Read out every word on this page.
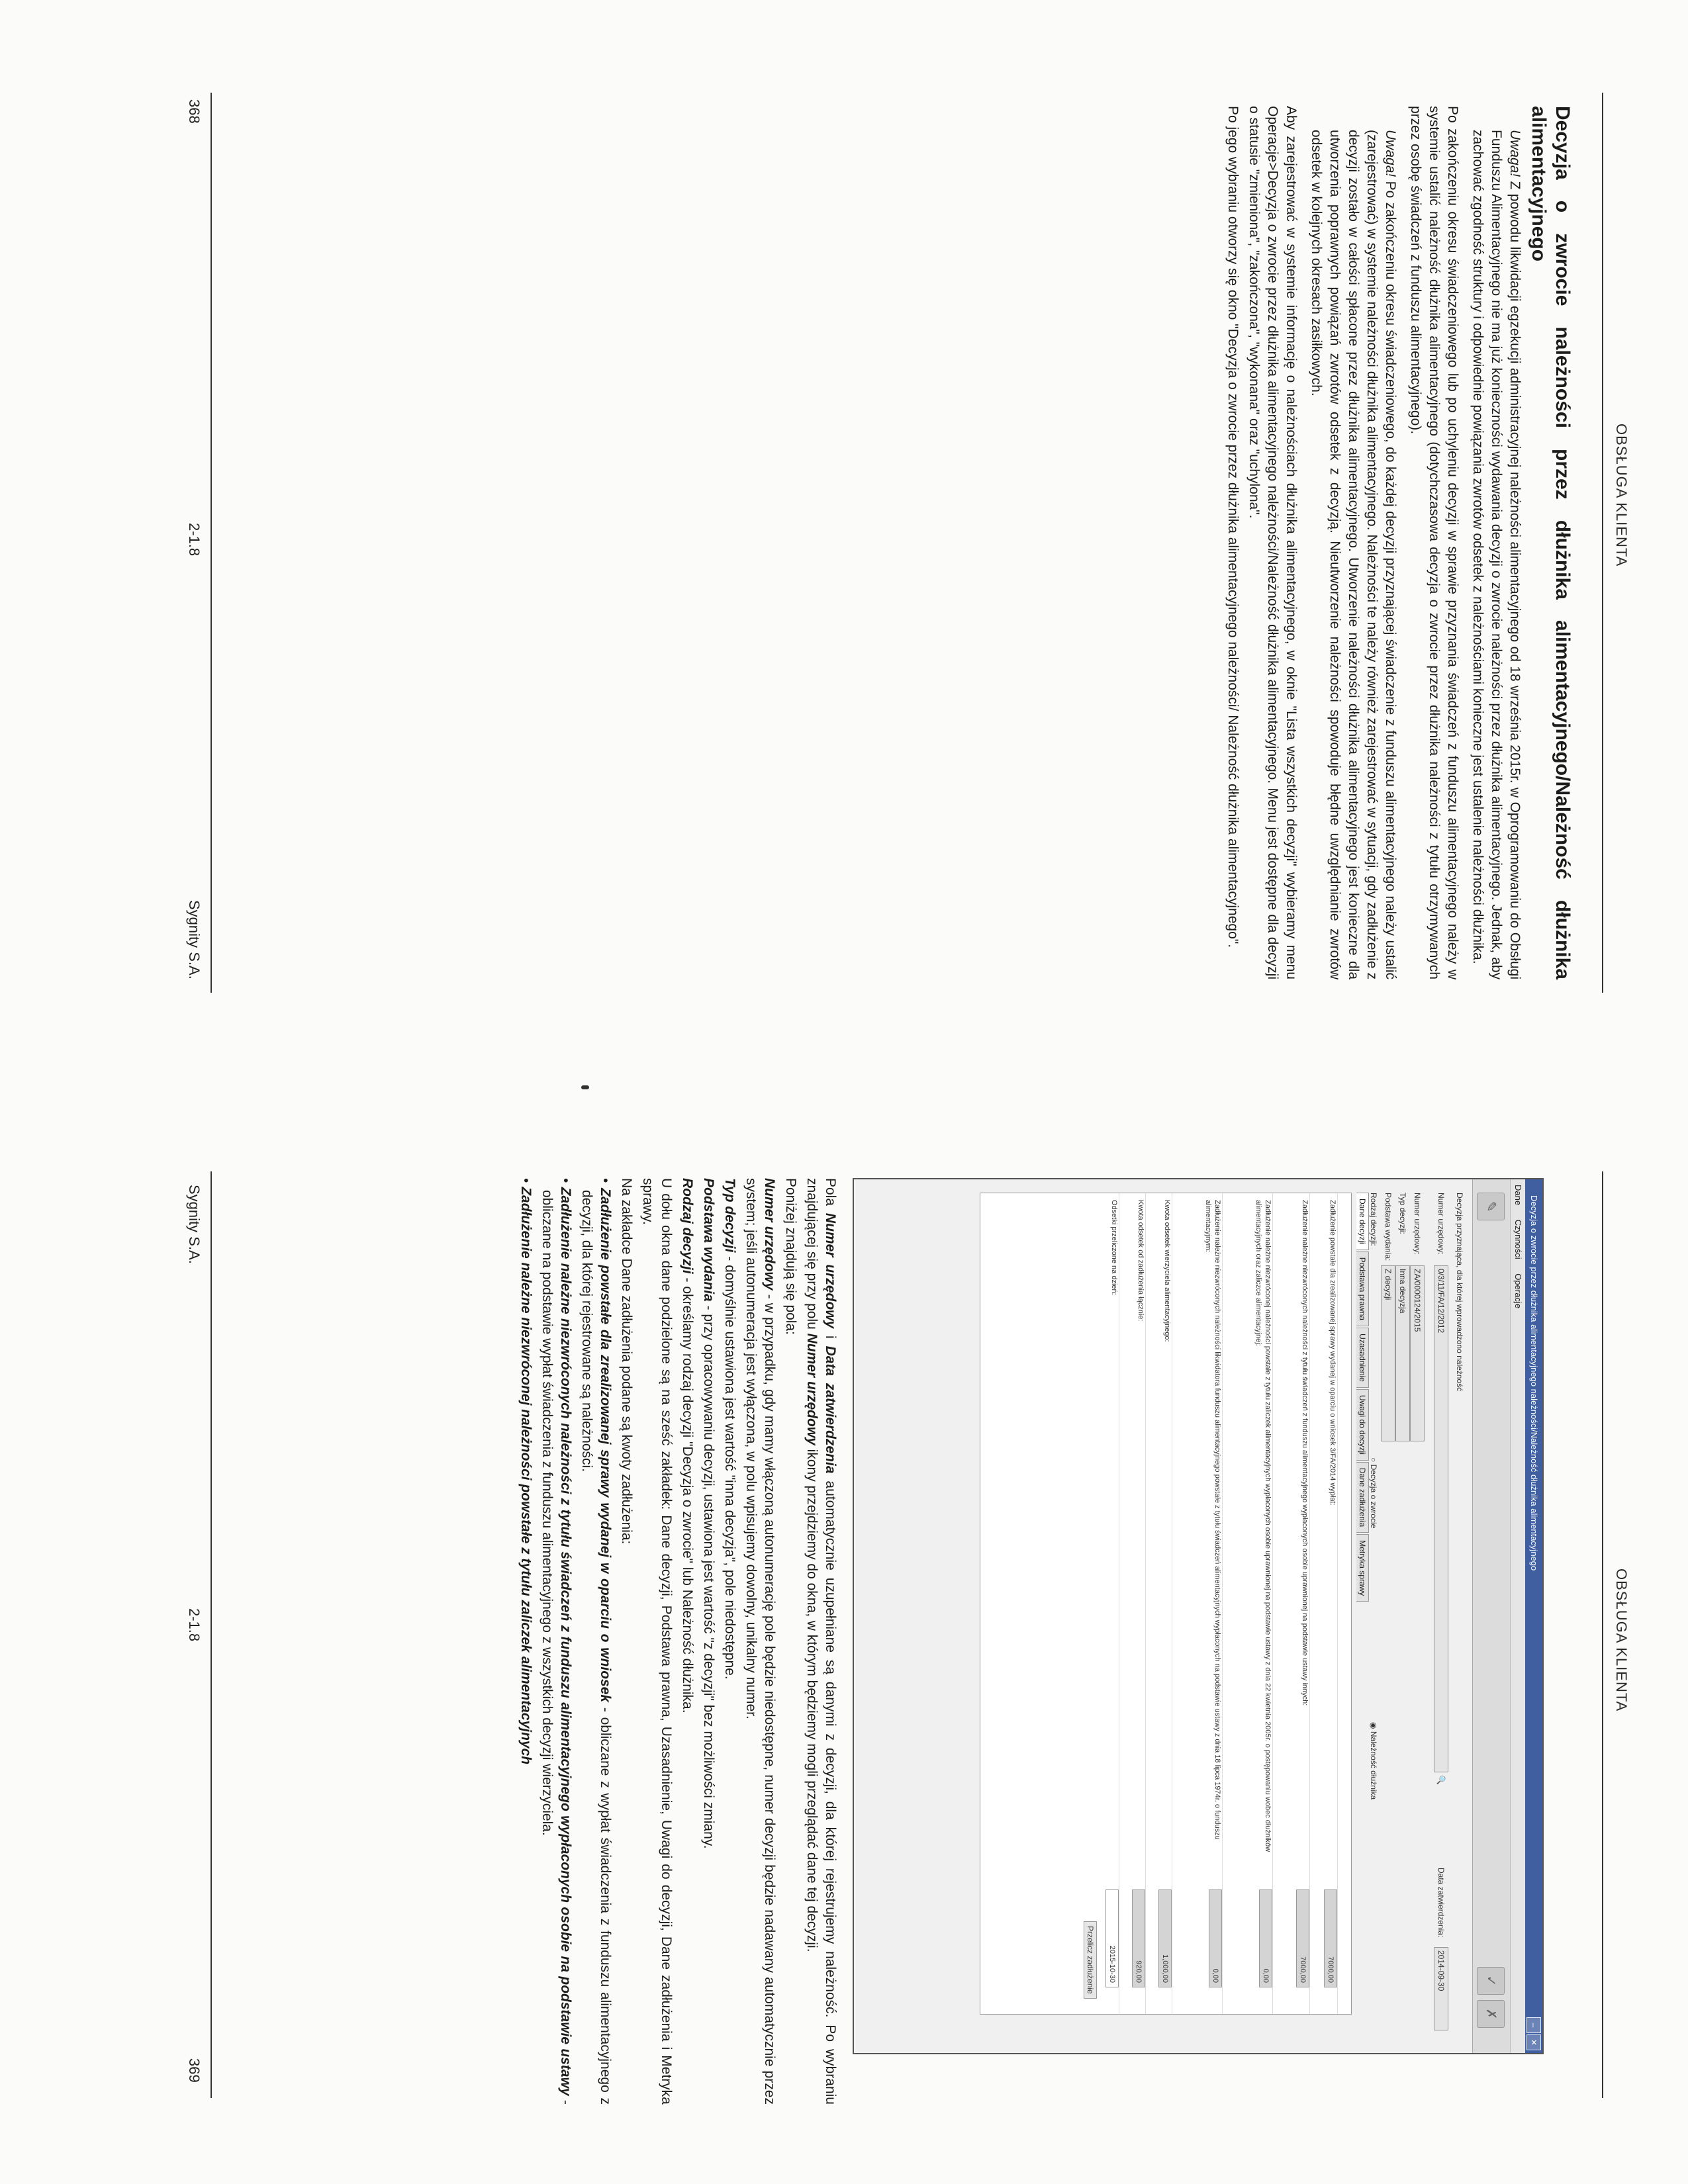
OBSŁUGA KLIENTA

Decyzja o zwrocie należności przez dłużnika alimentacyjnego/Należność dłużnika alimentacyjnego

Uwaga! Z powodu likwidacji egzekucji administracyjnej należności alimentacyjnego od 18 września 2015r. w Oprogramowaniu do Obsługi Funduszu Alimentacyjnego nie ma już konieczności wydawania decyzji o zwrocie należności przez dłużnika alimentacyjnego. Jednak, aby zachować zgodność struktury i odpowiednie powiązania zwrotów odsetek z należnościami konieczne jest ustalenie należności dłużnika.

Po zakończeniu okresu świadczeniowego lub po uchyleniu decyzji w sprawie przyznania świadczeń z funduszu alimentacyjnego należy w systemie ustalić należność dłużnika alimentacyjnego (dotychczasowa decyzja o zwrocie przez dłużnika należności z tytułu otrzymywanych przez osobę świadczeń z funduszu alimentacyjnego).

Uwaga! Po zakończeniu okresu świadczeniowego, do każdej decyzji przyznającej świadczenie z funduszu alimentacyjnego należy ustalić (zarejestrować) w systemie należności dłużnika alimentacyjnego. Należności te należy również zarejestrować w sytuacji, gdy zadłużenie z decyzji zostało w całości spłacone przez dłużnika alimentacyjnego. Utworzenie należności dłużnika alimentacyjnego jest konieczne dla utworzenia poprawnych powiązań zwrotów odsetek z decyzją. Nieutworzenie należności spowoduje błędne uwzględnianie zwrotów odsetek w kolejnych okresach zasiłkowych.

Aby zarejestrować w systemie informację o należnościach dłużnika alimentacyjnego, w oknie "Lista wszystkich decyzji" wybieramy menu Operacje>Decyzja o zwrocie przez dłużnika alimentacyjnego należności/Należność dłużnika alimentacyjnego. Menu jest dostępne dla decyzji o statusie "zmieniona", "zakończona", "wykonana" oraz "uchylona".

Po jego wybraniu otworzy się okno "Decyzja o zwrocie przez dłużnika alimentacyjnego należności/ Należność dłużnika alimentacyjnego".

368
2-1.8
Sygnity S.A.
OBSŁUGA KLIENTA
Decyzja o zwrocie przez dłużnika alimentacyjnego należności/Należność dłużnika alimentacyjnego
–
✕
Dane Czynności Operacje
✎
✓
✗
Decyzja przyznająca, dla której wprowadzono należność
Numer urzędowy:
0/3/11/FA/12/2012
🔍
Data zatwierdzenia:
2014-09-30
Numer urzędowy:
ZA/0000124/2015
Typ decyzji:
Inna decyzja
Podstawa wydania:
Z decyzji
Rodzaj decyzji:
○ Decyzja o zwrocie
◉ Należność dłużnika
Dane decyzjiPodstawa prawnaUzasadnienieUwagi do decyzjiDane zadłużeniaMetryka sprawy
Zadłużenie powstałe dla zrealizowanej sprawy wydanej w oparciu o wniosek 3/FA/2014 wypłat:
7000,00
Zadłużenie należne niezwróconych należności z tytułu świadczeń z funduszu alimentacyjnego wypłaconych osobie uprawnionej na podstawie ustawy innych:
7000,00
Zadłużenie należne niezwróconej należności powstałe z tytułu zaliczek alimentacyjnych wypłaconych osobie uprawnionej na podstawie ustawy z dnia 22 kwietnia 2005r. o postępowaniu wobec dłużników alimentacyjnych oraz zaliczce alimentacyjnej:
0,00
Zadłużenie należne niezwróconych należności likwidatora funduszu alimentacyjnego powstałe z tytułu świadczeń alimentacyjnych wypłaconych na podstawie ustawy z dnia 18 lipca 1974r. o funduszu alimentacyjnym:
0,00
Kwota odsetek wierzyciela alimentacyjnego:
1,000,00
Kwota odsetek od zadłużenia łącznie:
920,00
Odsetki przeliczone na dzień:
2015-10-30
Przelicz zadłużenie

Pola Numer urzędowy i Data zatwierdzenia automatycznie uzupełniane są danymi z decyzji, dla której rejestrujemy należność. Po wybraniu znajdującej się przy polu Numer urzędowy ikony przejdziemy do okna, w którym będziemy mogli przeglądać dane tej decyzji.

Poniżej znajdują się pola:

Numer urzędowy - w przypadku, gdy mamy włączoną autonumerację pole będzie niedostępne, numer decyzji będzie nadawany automatycznie przez system; jeśli autonumeracja jest wyłączona, w polu wpisujemy dowolny, unikalny numer.

Typ decyzji - domyślnie ustawiona jest wartość "inna decyzja", pole niedostępne.

Podstawa wydania - przy opracowywaniu decyzji, ustawiona jest wartość "z decyzji" bez możliwości zmiany.

Rodzaj decyzji - określamy rodzaj decyzji "Decyzja o zwrocie" lub Należność dłużnika.

U dołu okna dane podzielone są na sześć zakładek: Dane decyzji, Podstawa prawna, Uzasadnienie, Uwagi do decyzji, Dane zadłużenia i Metryka sprawy.

Na zakładce Dane zadłużenia podane są kwoty zadłużenia:

• Zadłużenie powstałe dla zrealizowanej sprawy wydanej w oparciu o wniosek - obliczane z wypłat świadczenia z funduszu alimentacyjnego z decyzji, dla której rejestrowane są należności.

• Zadłużenie należne niezwróconych należności z tytułu świadczeń z funduszu alimentacyjnego wypłaconych osobie na podstawie ustawy - obliczane na podstawie wypłat świadczenia z funduszu alimentacyjnego z wszystkich decyzji wierzyciela.

• Zadłużenie należne niezwróconej należności powstałe z tytułu zaliczek alimentacyjnych

Sygnity S.A.
2-1.8
369
